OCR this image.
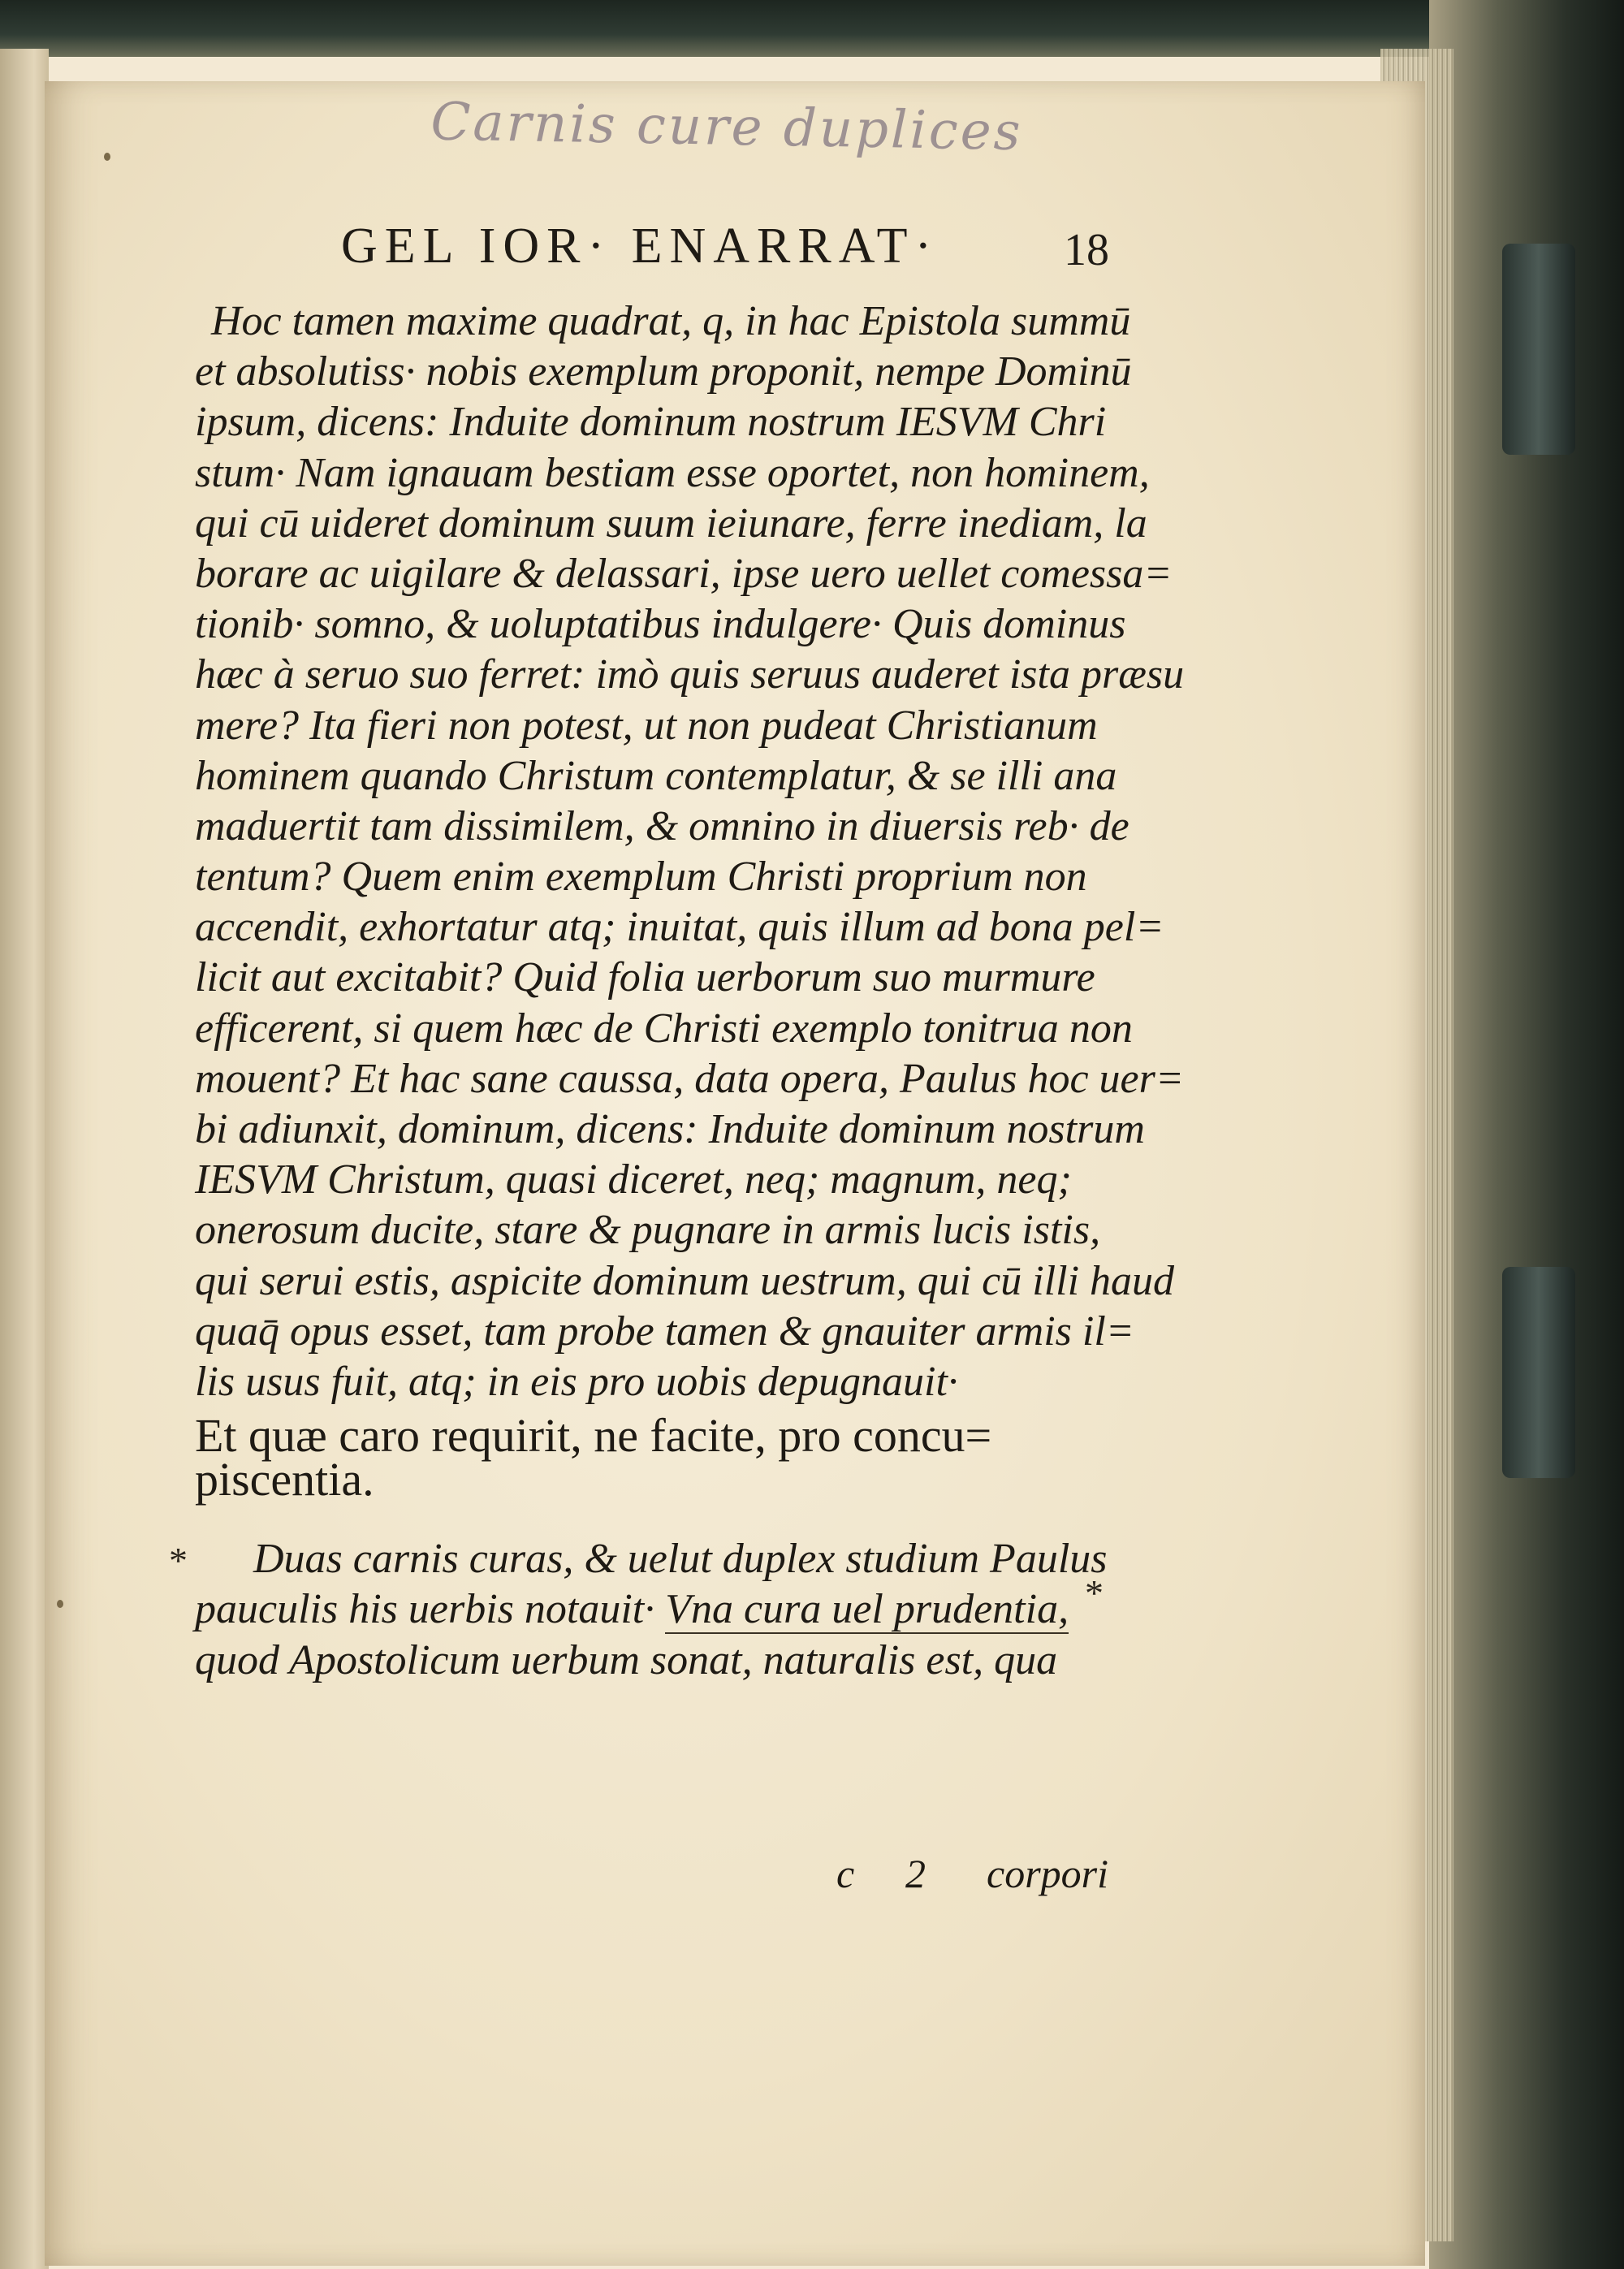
Carnis cure duplices
GEL IOR· ENARRAT·	18
Hoc tamen maxime quadrat, q, in hac Epistola summū
et absolutiss· nobis exemplum proponit, nempe Dominū
ipsum, dicens: Induite dominum nostrum IESVM Chri
stum· Nam ignauam bestiam esse oportet, non hominem,
qui cū uideret dominum suum ieiunare, ferre inediam, la
borare ac uigilare & delassari, ipse uero uellet comessa=
tionib· somno, & uoluptatibus indulgere· Quis dominus
hæc à seruo suo ferret: imò quis seruus auderet ista præsu
mere? Ita fieri non potest, ut non pudeat Christianum
hominem quando Christum contemplatur, & se illi ana
maduertit tam dissimilem, & omnino in diuersis reb· de
tentum? Quem enim exemplum Christi proprium non
accendit, exhortatur atq; inuitat, quis illum ad bona pel=
licit aut excitabit? Quid folia uerborum suo murmure
efficerent, si quem hæc de Christi exemplo tonitrua non
mouent? Et hac sane caussa, data opera, Paulus hoc uer=
bi adiunxit, dominum, dicens: Induite dominum nostrum
IESVM Christum, quasi diceret, neq; magnum, neq;
onerosum ducite, stare & pugnare in armis lucis istis,
qui serui estis, aspicite dominum uestrum, qui cū illi haud
quaq̄ opus esset, tam probe tamen & gnauiter armis il=
lis usus fuit, atq; in eis pro uobis depugnauit·
Et quæ caro requirit, ne facite, pro concu=
piscentia.
Duas carnis curas, & uelut duplex studium Paulus
pauculis his uerbis notauit· Vna cura uel prudentia,
quod Apostolicum uerbum sonat, naturalis est, qua
*
*
c 2 corpori
